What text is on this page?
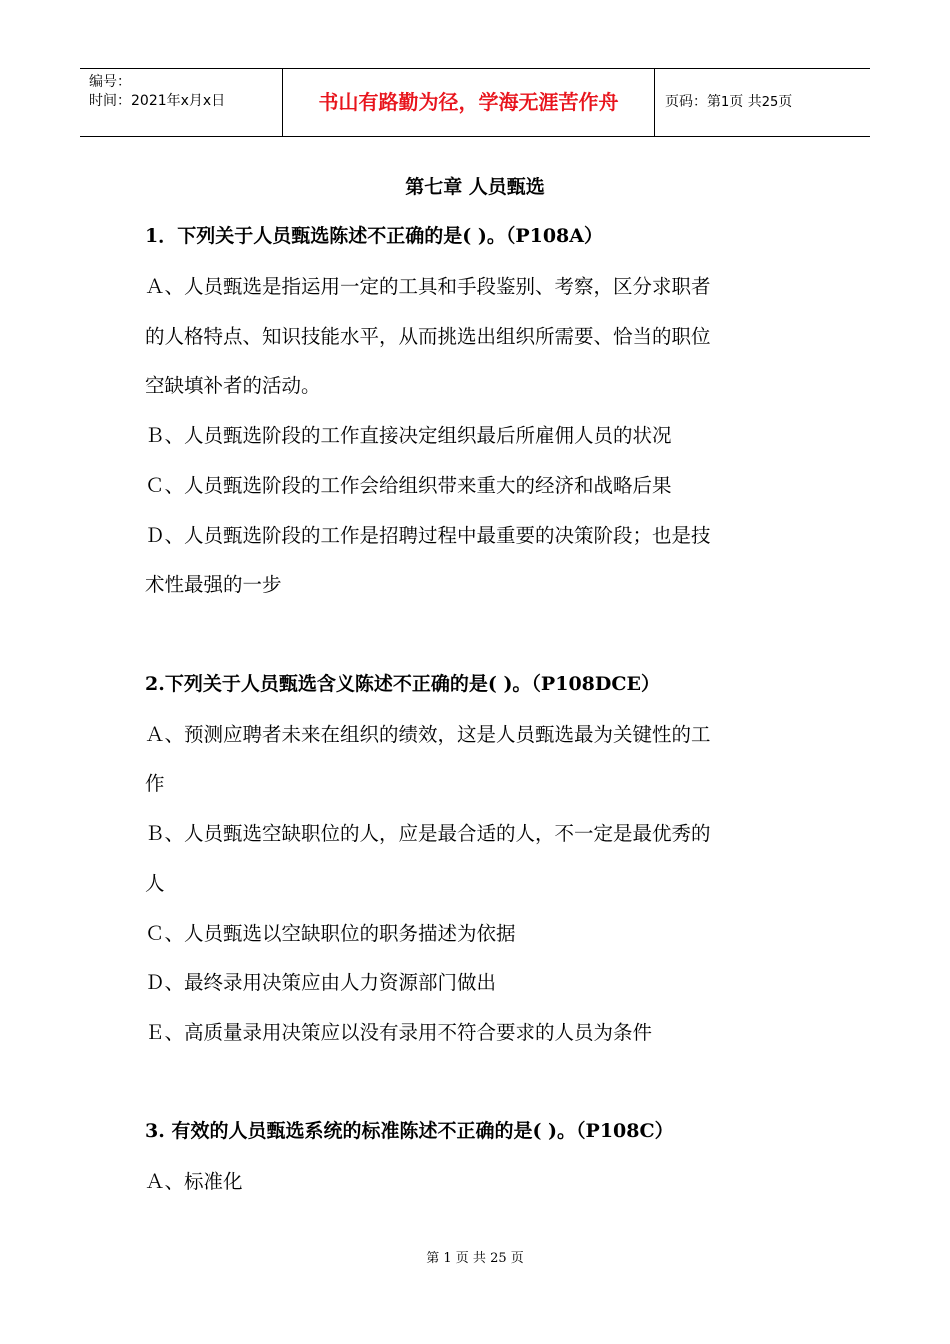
编号：
时间：2021年x月x日	书山有路勤为径，学海无涯苦作舟	页码：第1页 共25页
第七章 人员甄选
1．下列关于人员甄选陈述不正确的是( )。（P108A）
Ａ、人员甄选是指运用一定的工具和手段鉴别、考察，区分求职者
的人格特点、知识技能水平，从而挑选出组织所需要、恰当的职位
空缺填补者的活动。
Ｂ、人员甄选阶段的工作直接决定组织最后所雇佣人员的状况
Ｃ、人员甄选阶段的工作会给组织带来重大的经济和战略后果
Ｄ、人员甄选阶段的工作是招聘过程中最重要的决策阶段；也是技
术性最强的一步
2.下列关于人员甄选含义陈述不正确的是( )。（P108DCE）
Ａ、预测应聘者未来在组织的绩效，这是人员甄选最为关键性的工
作
Ｂ、人员甄选空缺职位的人，应是最合适的人，不一定是最优秀的
人
Ｃ、人员甄选以空缺职位的职务描述为依据
Ｄ、最终录用决策应由人力资源部门做出
Ｅ、高质量录用决策应以没有录用不符合要求的人员为条件
3. 有效的人员甄选系统的标准陈述不正确的是( )。（P108C）
Ａ、标准化
第 1 页 共 25 页
